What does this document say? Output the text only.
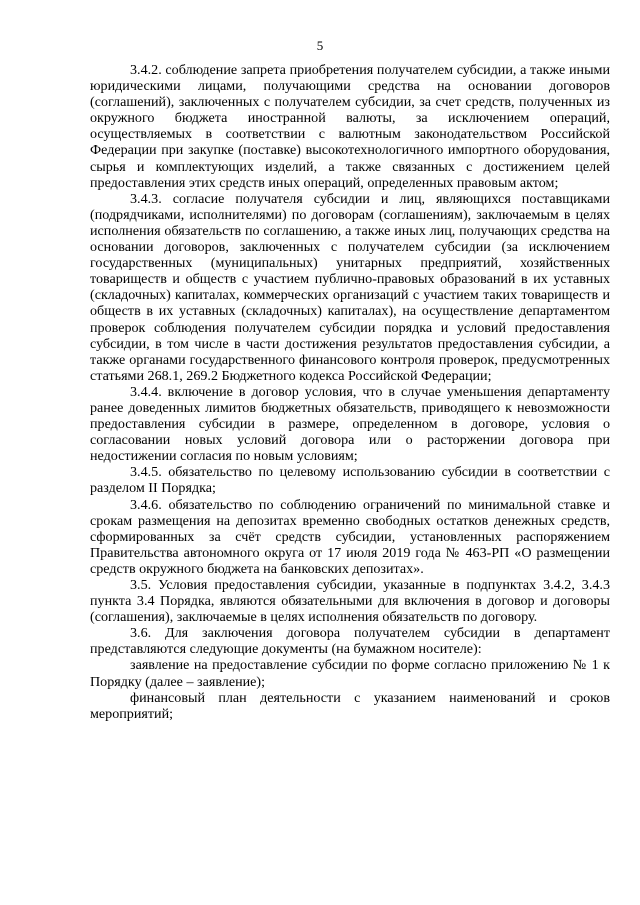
5

3.4.2. соблюдение запрета приобретения получателем субсидии, а также иными юридическими лицами, получающими средства на основании договоров (соглашений), заключенных с получателем субсидии, за счет средств, полученных из окружного бюджета иностранной валюты, за исключением операций, осуществляемых в соответствии с валютным законодательством Российской Федерации при закупке (поставке) высокотехнологичного импортного оборудования, сырья и комплектующих изделий, а также связанных с достижением целей предоставления этих средств иных операций, определенных правовым актом;

3.4.3. согласие получателя субсидии и лиц, являющихся поставщиками (подрядчиками, исполнителями) по договорам (соглашениям), заключаемым в целях исполнения обязательств по соглашению, а также иных лиц, получающих средства на основании договоров, заключенных с получателем субсидии (за исключением государственных (муниципальных) унитарных предприятий, хозяйственных товариществ и обществ с участием публично-правовых образований в их уставных (складочных) капиталах, коммерческих организаций с участием таких товариществ и обществ в их уставных (складочных) капиталах), на осуществление департаментом проверок соблюдения получателем субсидии порядка и условий предоставления субсидии, в том числе в части достижения результатов предоставления субсидии, а также органами государственного финансового контроля проверок, предусмотренных статьями 268.1, 269.2 Бюджетного кодекса Российской Федерации;

3.4.4. включение в договор условия, что в случае уменьшения департаменту ранее доведенных лимитов бюджетных обязательств, приводящего к невозможности предоставления субсидии в размере, определенном в договоре, условия о согласовании новых условий договора или о расторжении договора при недостижении согласия по новым условиям;

3.4.5. обязательство по целевому использованию субсидии в соответствии с разделом II Порядка;

3.4.6. обязательство по соблюдению ограничений по минимальной ставке и срокам размещения на депозитах временно свободных остатков денежных средств, сформированных за счёт средств субсидии, установленных распоряжением Правительства автономного округа от 17 июля 2019 года № 463-РП «О размещении средств окружного бюджета на банковских депозитах».

3.5. Условия предоставления субсидии, указанные в подпунктах 3.4.2, 3.4.3 пункта 3.4 Порядка, являются обязательными для включения в договор и договоры (соглашения), заключаемые в целях исполнения обязательств по договору.

3.6. Для заключения договора получателем субсидии в департамент представляются следующие документы (на бумажном носителе):

заявление на предоставление субсидии по форме согласно приложению № 1 к Порядку (далее – заявление);

финансовый план деятельности с указанием наименований и сроков мероприятий;
